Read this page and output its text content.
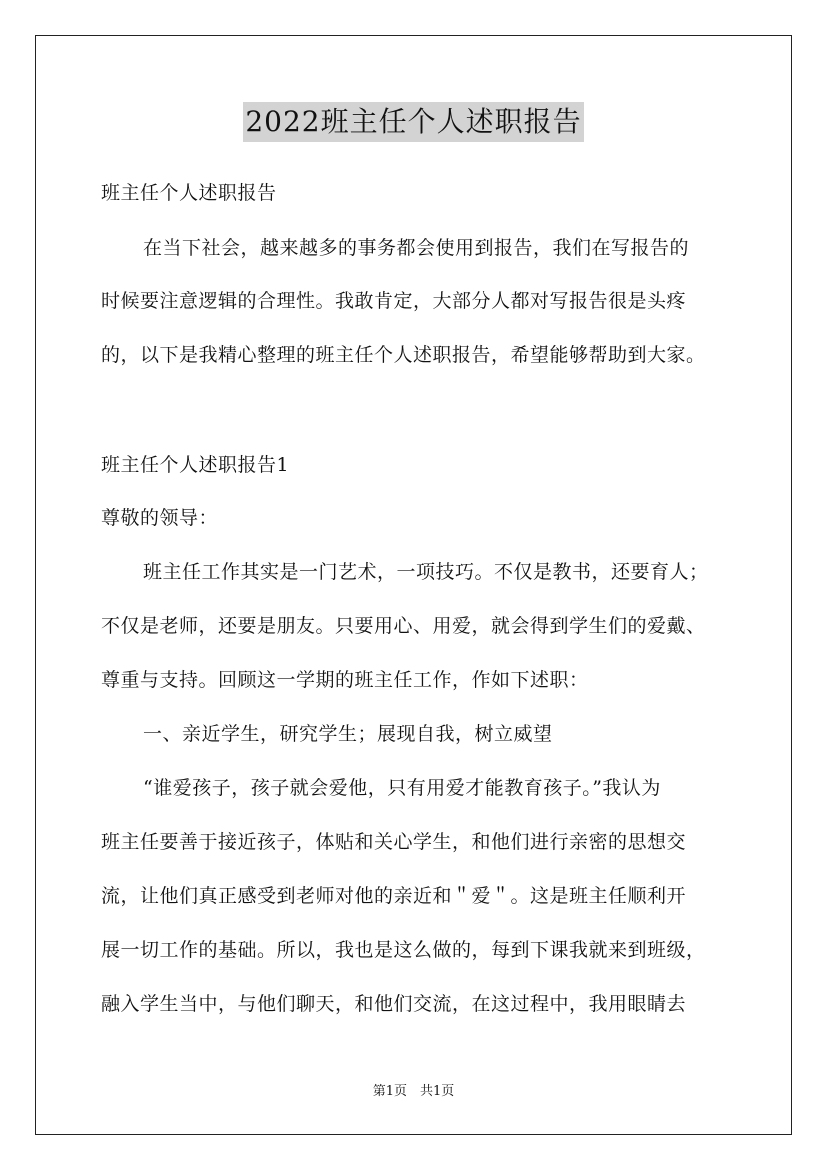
2022班主任个人述职报告
班主任个人述职报告
在当下社会，越来越多的事务都会使用到报告，我们在写报告的
时候要注意逻辑的合理性。我敢肯定，大部分人都对写报告很是头疼
的，以下是我精心整理的班主任个人述职报告，希望能够帮助到大家。
班主任个人述职报告1
尊敬的领导：
班主任工作其实是一门艺术，一项技巧。不仅是教书，还要育人；
不仅是老师，还要是朋友。只要用心、用爱，就会得到学生们的爱戴、
尊重与支持。回顾这一学期的班主任工作，作如下述职：
一、亲近学生，研究学生；展现自我，树立威望
“谁爱孩子，孩子就会爱他，只有用爱才能教育孩子。”我认为
班主任要善于接近孩子，体贴和关心学生，和他们进行亲密的思想交
流，让他们真正感受到老师对他的亲近和＂爱＂。这是班主任顺利开
展一切工作的基础。所以，我也是这么做的，每到下课我就来到班级，
融入学生当中，与他们聊天，和他们交流，在这过程中，我用眼睛去
第1页　共1页
